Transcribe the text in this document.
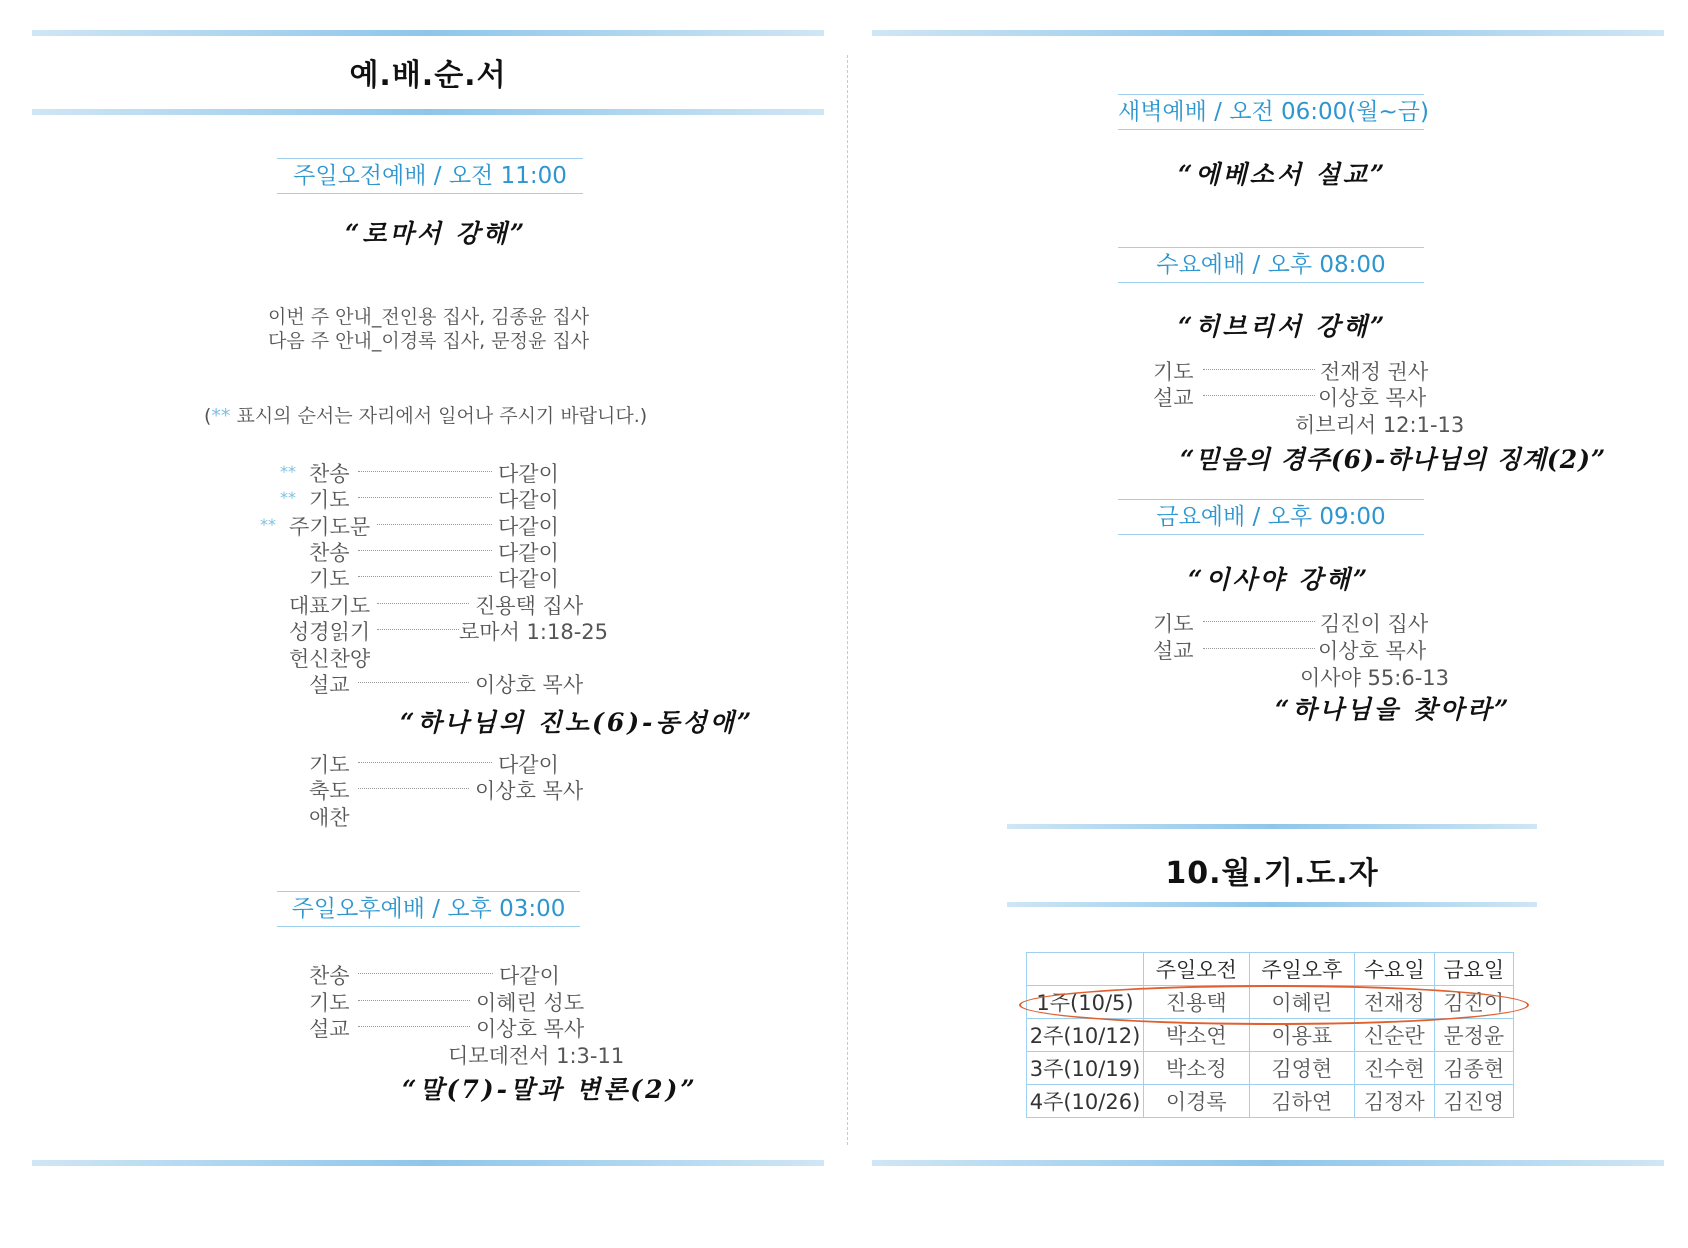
예.배.순.서
주일오전예배 / 오전 11:00
“로마서 강해”
이번 주 안내_전인용 집사, 김종윤 집사
다음 주 안내_이경록 집사, 문정윤 집사
(** 표시의 순서는 자리에서 일어나 주시기 바랍니다.)
** 찬송	다같이
** 기도	다같이
** 주기도문	다같이
찬송	다같이
기도	다같이
대표기도	진용택 집사
성경읽기	로마서 1:18-25
헌신찬양
설교	이상호 목사
“하나님의 진노(6)-동성애”
기도	다같이
축도	이상호 목사
애찬
주일오후예배 / 오후 03:00
찬송	다같이
기도	이혜린 성도
설교	이상호 목사
디모데전서 1:3-11
“말(7)-말과 변론(2)”
새벽예배 / 오전 06:00(월~금)
“에베소서 설교”
수요예배 / 오후 08:00
“히브리서 강해”
기도	전재정 권사
설교	이상호 목사
히브리서 12:1-13
“믿음의 경주(6)-하나님의 징계(2)”
금요예배 / 오후 09:00
“이사야 강해”
기도	김진이 집사
설교	이상호 목사
이사야 55:6-13
“하나님을 찾아라”
10.월.기.도.자
	주일오전	주일오후	수요일	금요일
1주(10/5)	진용택	이혜린	전재정	김진이
2주(10/12)	박소연	이용표	신순란	문정윤
3주(10/19)	박소정	김영현	진수현	김종현
4주(10/26)	이경록	김하연	김정자	김진영
